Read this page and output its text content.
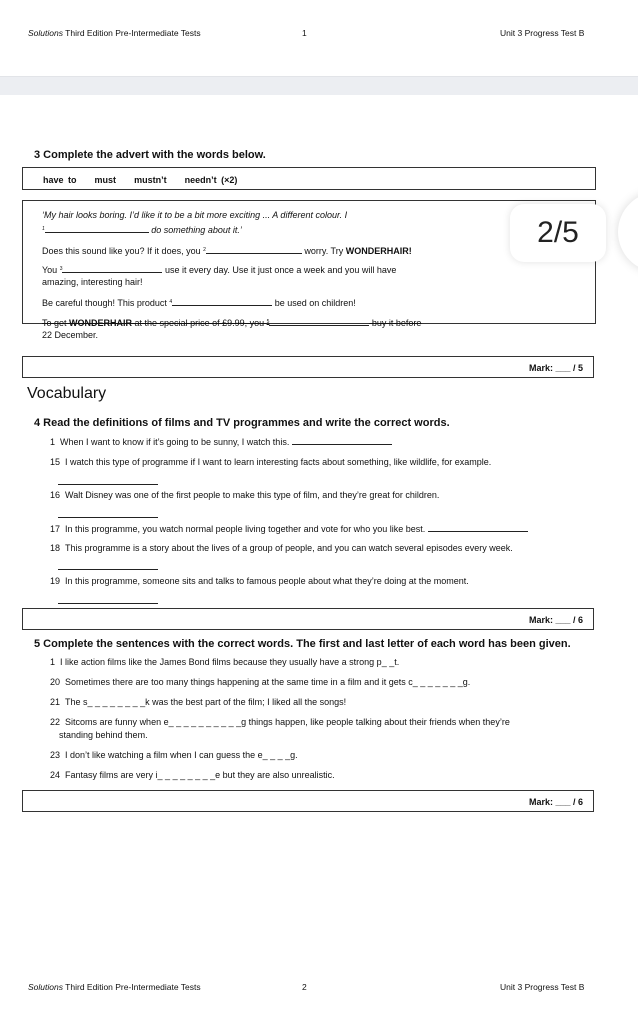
Solutions Third Edition Pre-Intermediate Tests	1	Unit 3 Progress Test B
3 Complete the advert with the words below.
have to must mustn’t needn’t (×2)
‘My hair looks boring. I’d like it to be a bit more exciting ... A different colour. I
$^1$	do something about it.’
Does this sound like you? If it does, you $^2$	worry. Try WONDERHAIR!
You $^3$	use it every day. Use it just once a week and you will have
amazing, interesting hair!
Be careful though! This product $^4$	be used on children!
To get WONDERHAIR at the special price of £9.99, you $^5$	buy it before
22 December.
Mark: ___ / 5
2/5
Vocabulary
4 Read the definitions of films and TV programmes and write the correct words.
1 When I want to know if it’s going to be sunny, I watch this.
15 I watch this type of programme if I want to learn interesting facts about something, like wildlife, for example.
16 Walt Disney was one of the first people to make this type of film, and they’re great for children.
17 In this programme, you watch normal people living together and vote for who you like best.
18 This programme is a story about the lives of a group of people, and you can watch several episodes every week.
19 In this programme, someone sits and talks to famous people about what they’re doing at the moment.
Mark: ___ / 6
5 Complete the sentences with the correct words. The first and last letter of each word has been given.
1 I like action films like the James Bond films because they usually have a strong p_ _t.
20 Sometimes there are too many things happening at the same time in a film and it gets c_ _ _ _ _ _ _g.
21 The s_ _ _ _ _ _ _ _k was the best part of the film; I liked all the songs!
22 Sitcoms are funny when e_ _ _ _ _ _ _ _ _ _g things happen, like people talking about their friends when they’re
standing behind them.
23 I don’t like watching a film when I can guess the e_ _ _ _g.
24 Fantasy films are very i_ _ _ _ _ _ _ _e but they are also unrealistic.
Mark: ___ / 6
Solutions Third Edition Pre-Intermediate Tests	2	Unit 3 Progress Test B
